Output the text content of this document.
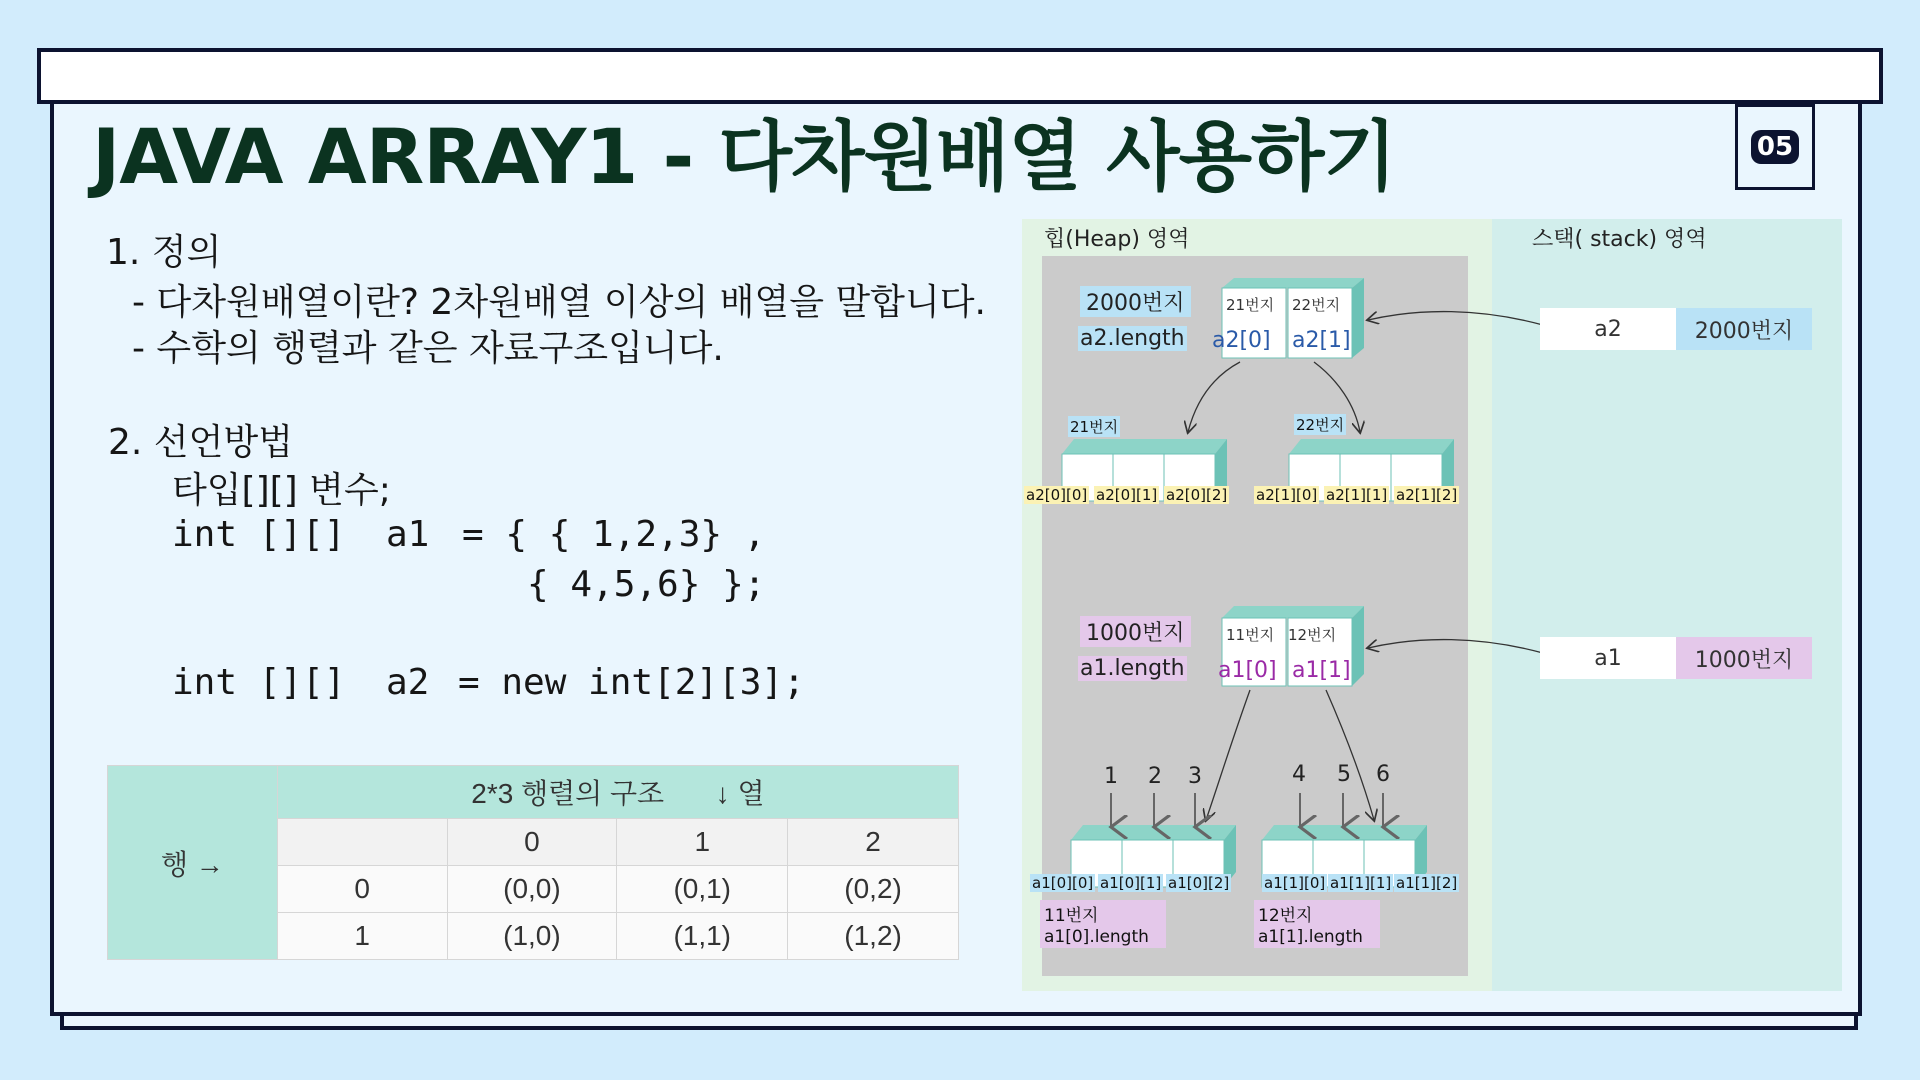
JAVA ARRAY1 - 다차원배열 사용하기	05
1. 정의
- 다차원배열이란? 2차원배열 이상의 배열을 말합니다.
- 수학의 행렬과 같은 자료구조입니다.
2. 선언방법
타입[][] 변수;
int [][] a1 = { { 1,2,3} ,
{ 4,5,6} };
int [][] a2 = new int[2][3];
행 →	2*3 행렬의 구조 ↓ 열			
		0	1	2
	0	(0,0)	(0,1)	(0,2)
	1	(1,0)	(1,1)	(1,2)
힙(Heap) 영역	스택( stack) 영역
2000번지
a2.length
21번지 22번지
a2[0] a2[1]
21번지	22번지
a2[0][0] a2[0][1] a2[0][2] a2[1][0] a2[1][1] a2[1][2]
1000번지
a1.length
11번지 12번지
a1[0] a1[1]
1 2 3	4 5 6
a1[0][0] a1[0][1] a1[0][2] a1[1][0] a1[1][1] a1[1][2]
11번지
a1[0].length
12번지
a1[1].length
a2	2000번지
a1	1000번지
